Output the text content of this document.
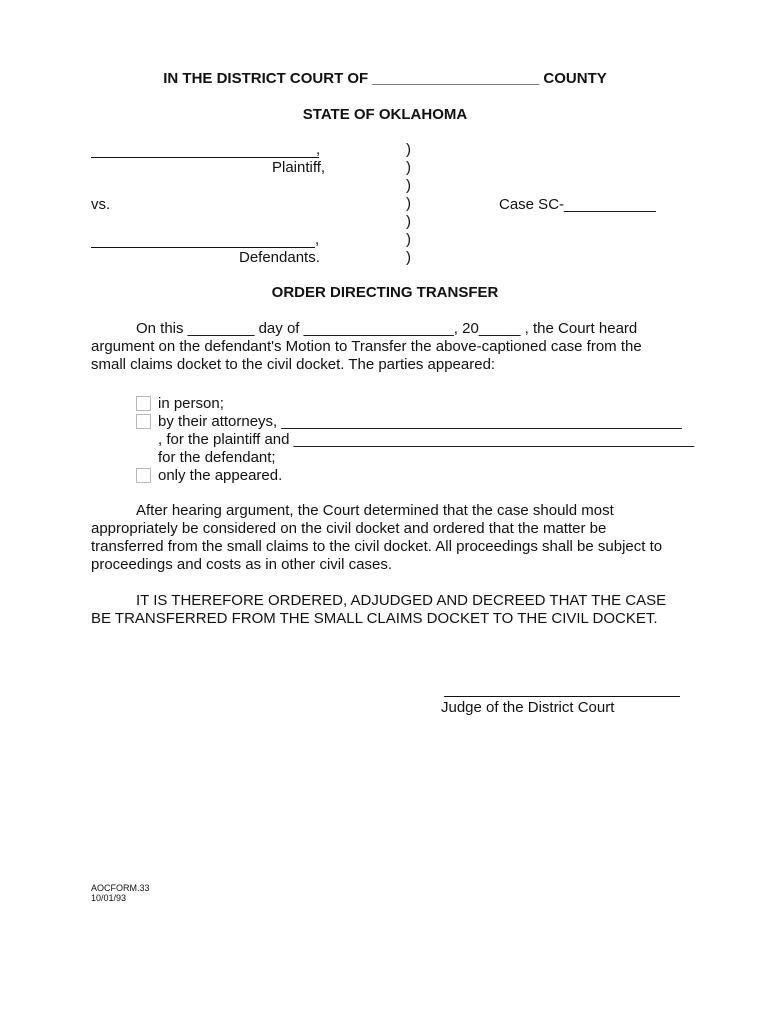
IN THE DISTRICT COURT OF ____________________ COUNTY
STATE OF OKLAHOMA
,
Plaintiff,
vs.
,
Defendants.
)
)
)
)
)
)
)
Case SC-___________
ORDER DIRECTING TRANSFER
On this ________ day of __________________, 20_____ , the Court heard
argument on the defendant's Motion to Transfer the above-captioned case from the
small claims docket to the civil docket. The parties appeared:
in person;
by their attorneys, ________________________________________________
, for the plaintiff and ________________________________________________
for the defendant;
only the appeared.
After hearing argument, the Court determined that the case should most
appropriately be considered on the civil docket and ordered that the matter be
transferred from the small claims to the civil docket. All proceedings shall be subject to
proceedings and costs as in other civil cases.
IT IS THEREFORE ORDERED, ADJUDGED AND DECREED THAT THE CASE
BE TRANSFERRED FROM THE SMALL CLAIMS DOCKET TO THE CIVIL DOCKET.
Judge of the District Court
AOCFORM.33
10/01/93
